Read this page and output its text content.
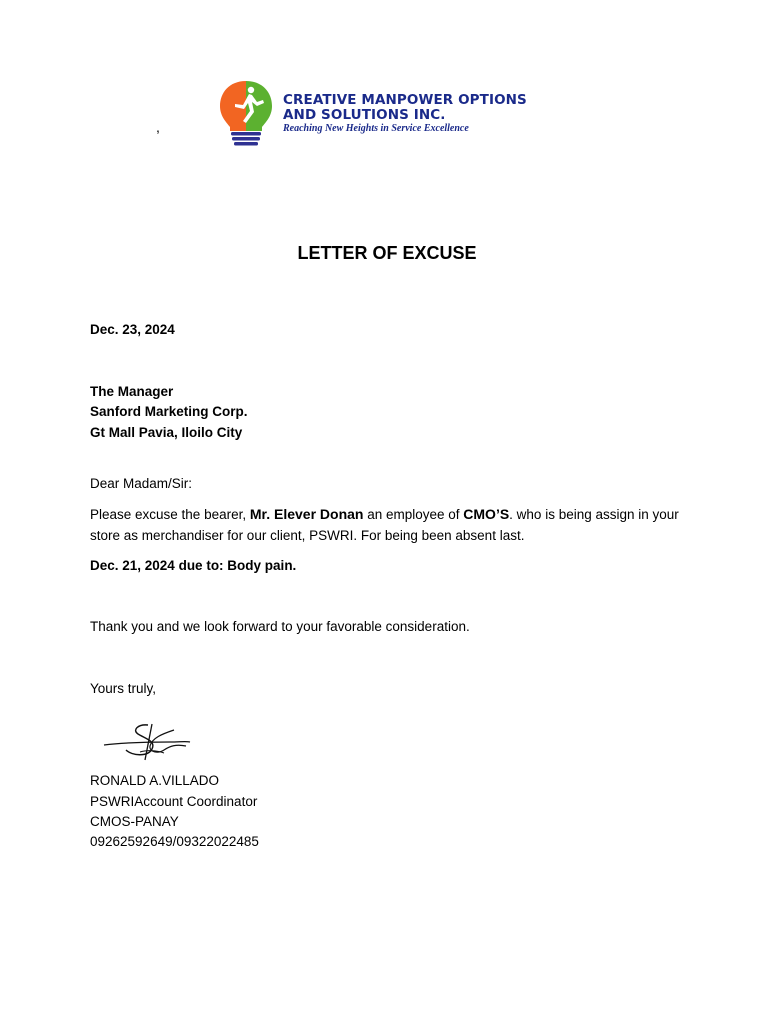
,
CREATIVE MANPOWER OPTIONS
AND SOLUTIONS INC.
Reaching New Heights in Service Excellence
LETTER OF EXCUSE
Dec. 23, 2024
The Manager
Sanford Marketing Corp.
Gt Mall Pavia, Iloilo City
Dear Madam/Sir:
Please excuse the bearer, Mr. Elever Donan an employee of CMO’S. who is being assign in your store as merchandiser for our client, PSWRI. For being been absent last.
Dec. 21, 2024 due to: Body pain.
Thank you and we look forward to your favorable consideration.
Yours truly,
RONALD A.VILLADO
PSWRIAccount Coordinator
CMOS-PANAY
09262592649/09322022485
